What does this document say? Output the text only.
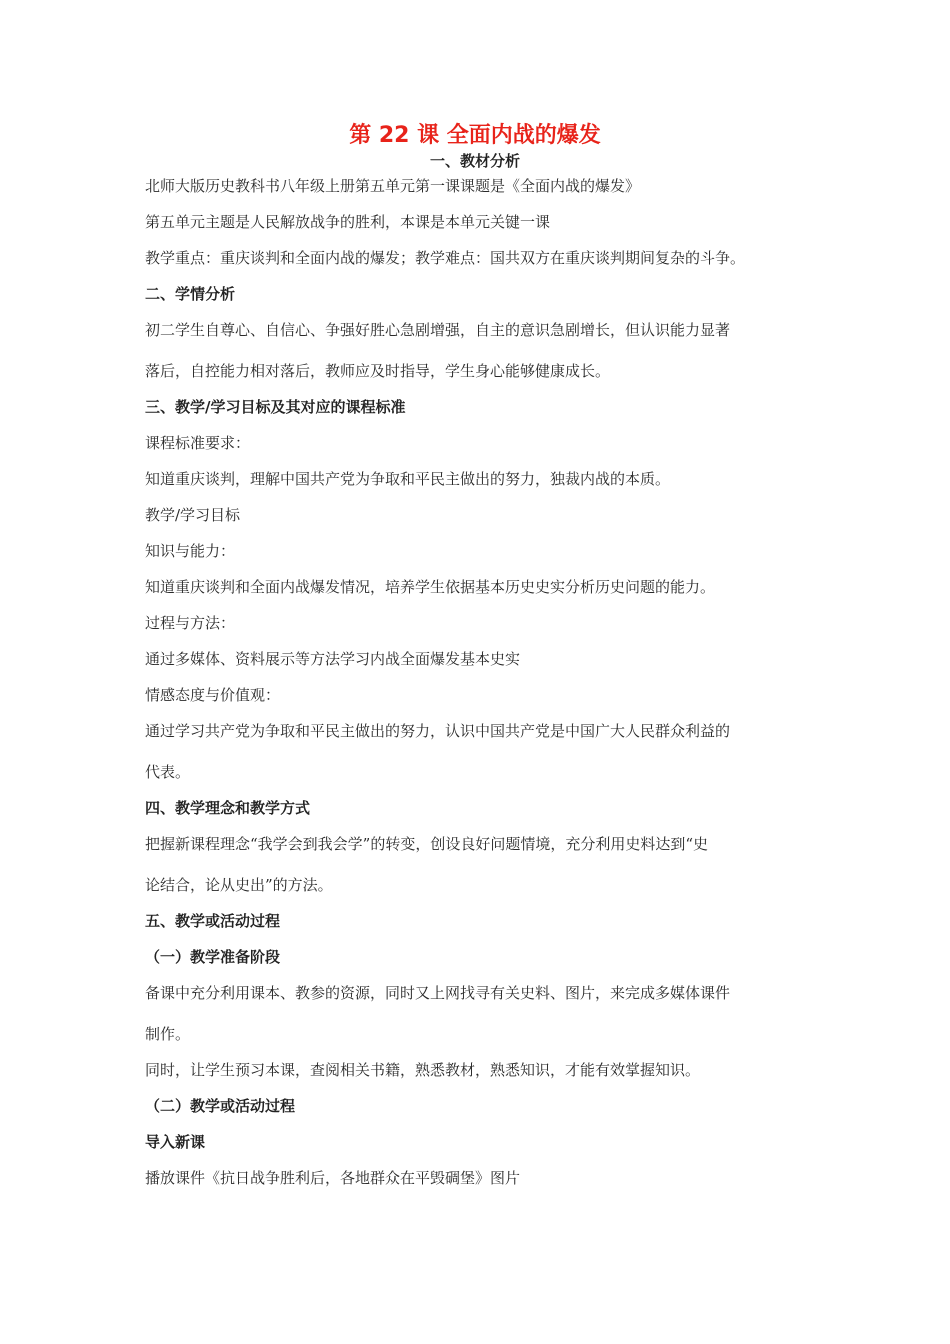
第 22 课 全面内战的爆发
一、教材分析
北师大版历史教科书八年级上册第五单元第一课课题是《全面内战的爆发》
第五单元主题是人民解放战争的胜利，本课是本单元关键一课
教学重点：重庆谈判和全面内战的爆发；教学难点：国共双方在重庆谈判期间复杂的斗争。
二、学情分析
初二学生自尊心、自信心、争强好胜心急剧增强，自主的意识急剧增长，但认识能力显著
落后，自控能力相对落后，教师应及时指导，学生身心能够健康成长。
三、教学/学习目标及其对应的课程标准
课程标准要求：
知道重庆谈判，理解中国共产党为争取和平民主做出的努力，独裁内战的本质。
教学/学习目标
知识与能力：
知道重庆谈判和全面内战爆发情况，培养学生依据基本历史史实分析历史问题的能力。
过程与方法：
通过多媒体、资料展示等方法学习内战全面爆发基本史实
情感态度与价值观：
通过学习共产党为争取和平民主做出的努力，认识中国共产党是中国广大人民群众利益的
代表。
四、教学理念和教学方式
把握新课程理念“我学会到我会学”的转变，创设良好问题情境，充分利用史料达到“史
论结合，论从史出”的方法。
五、教学或活动过程
（一）教学准备阶段
备课中充分利用课本、教参的资源，同时又上网找寻有关史料、图片，来完成多媒体课件
制作。
同时，让学生预习本课，查阅相关书籍，熟悉教材，熟悉知识，才能有效掌握知识。
（二）教学或活动过程
导入新课
播放课件《抗日战争胜利后，各地群众在平毁碉堡》图片
